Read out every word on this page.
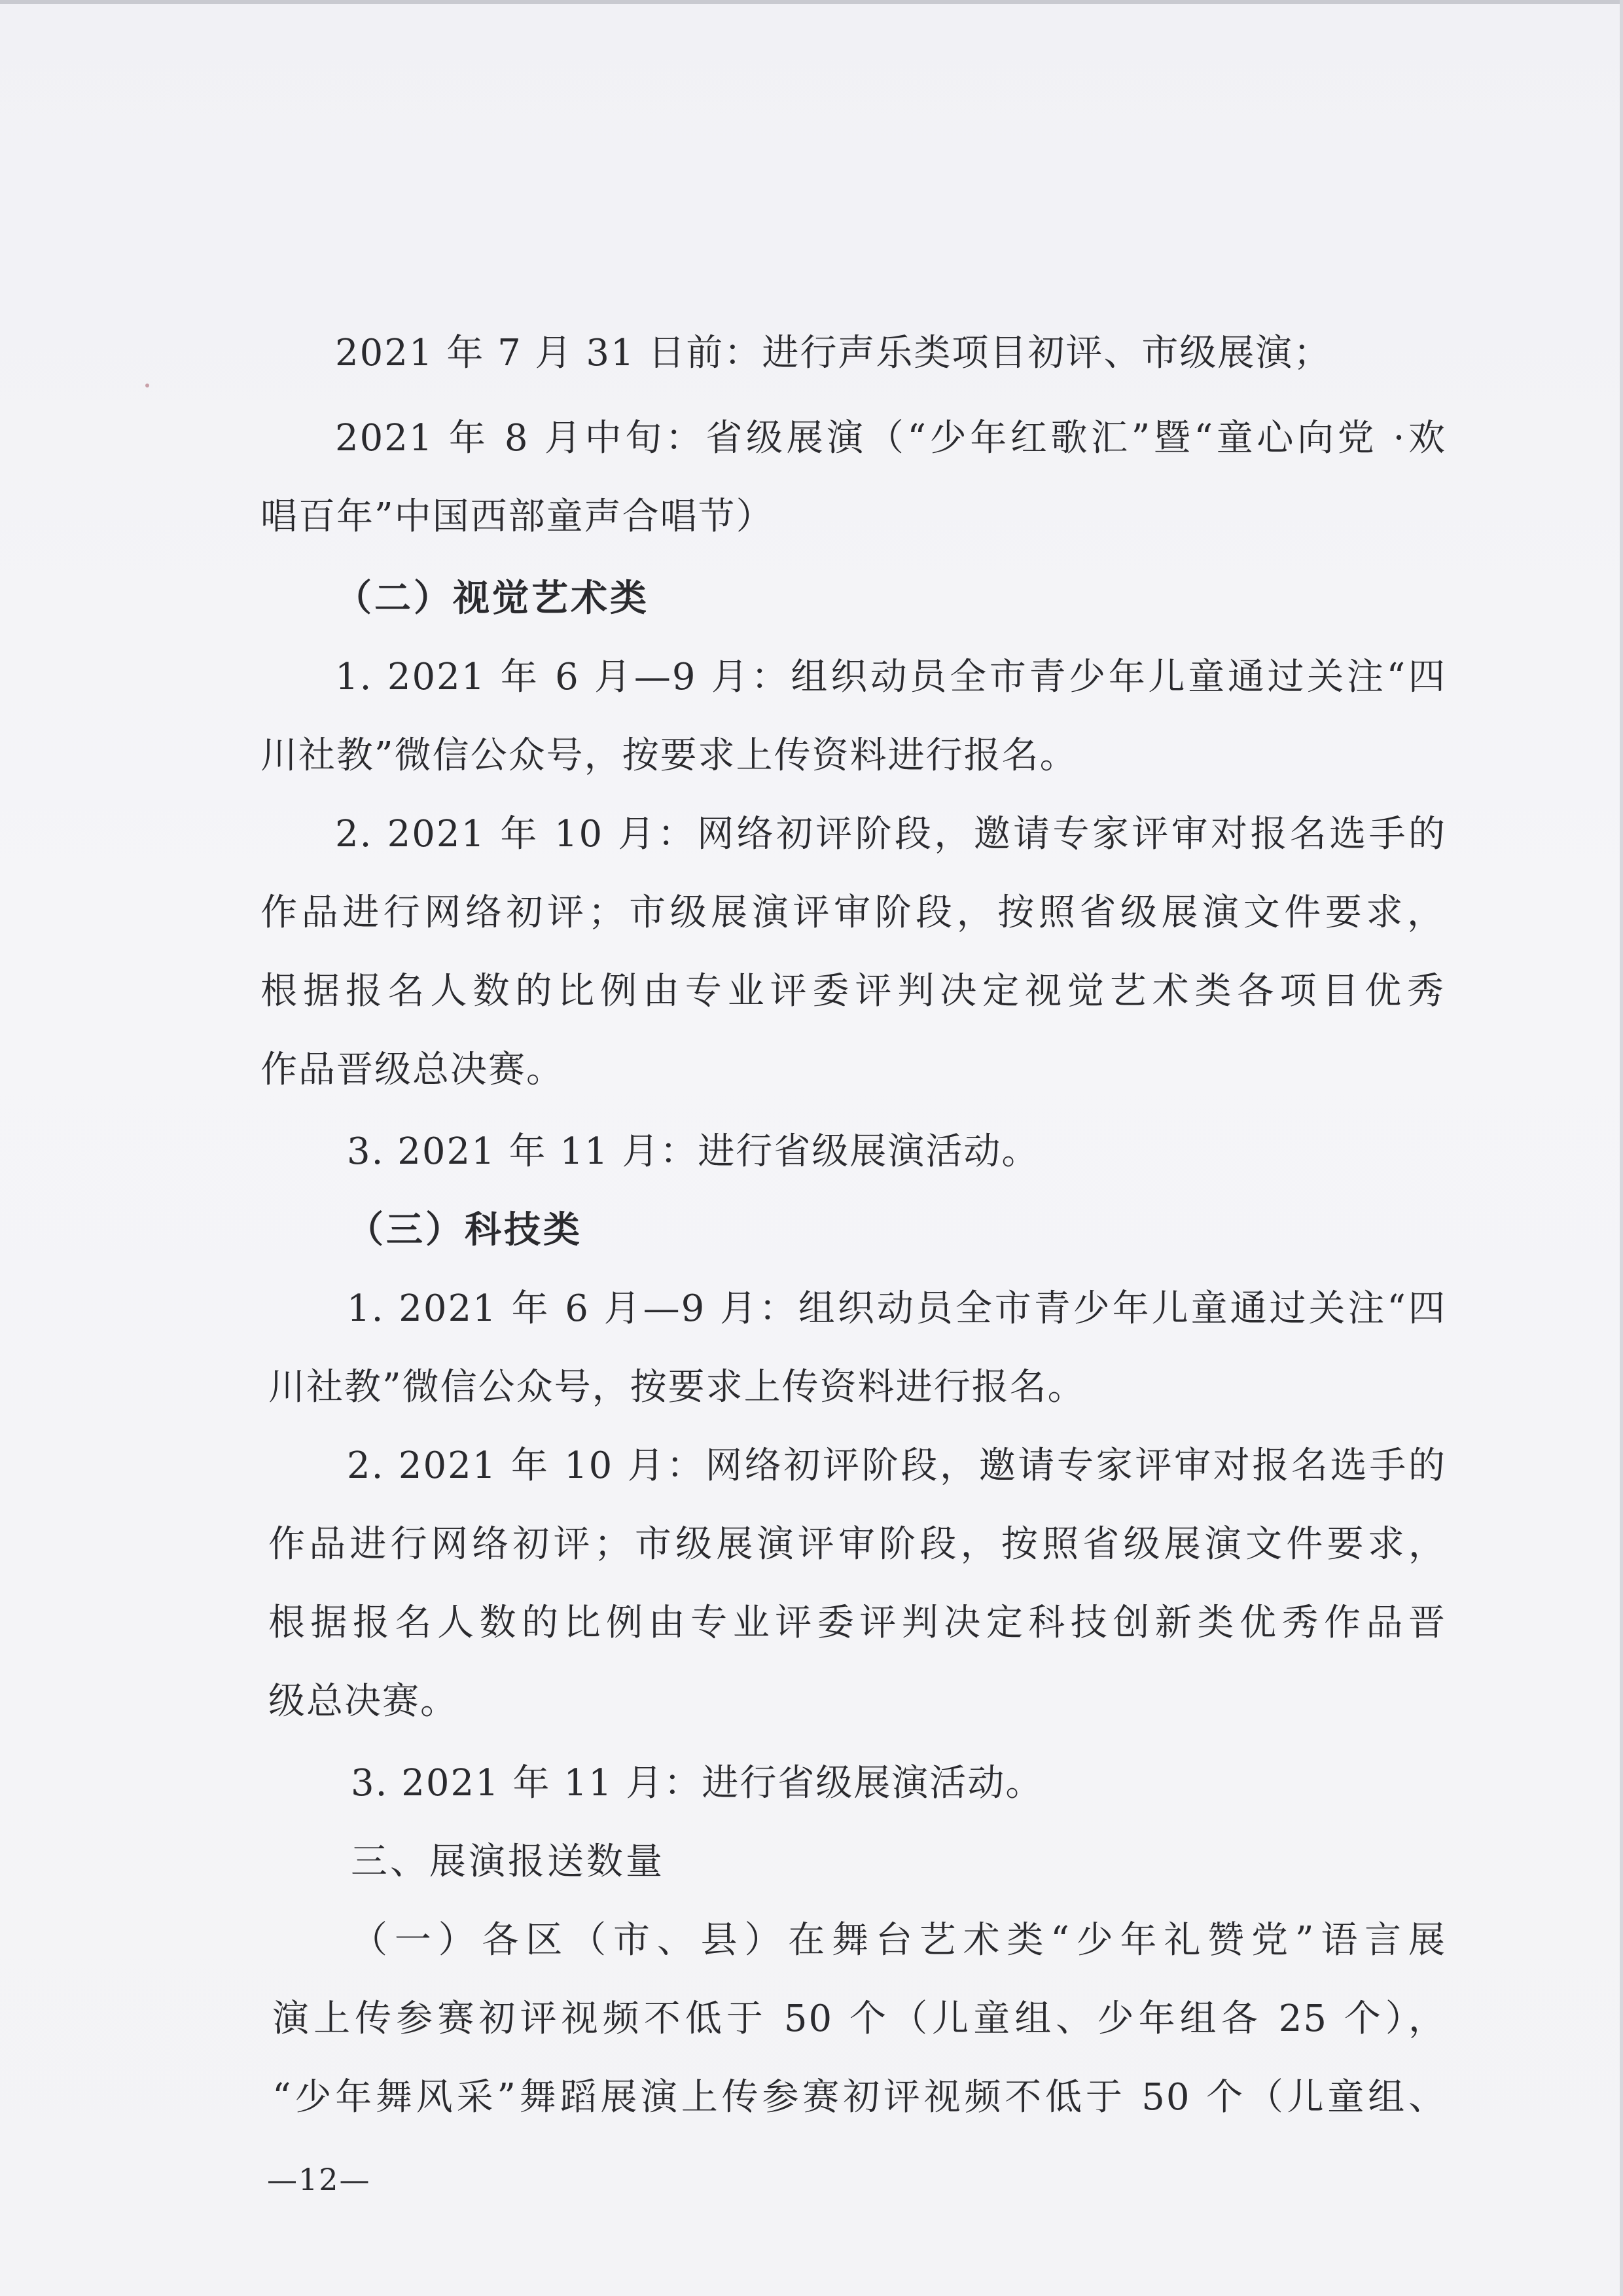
2021 年 7 月 31 日前：进行声乐类项目初评、市级展演；
2021 年 8 月中旬：省级展演（“少年红歌汇”暨“童心向党 ·欢
唱百年”中国西部童声合唱节）
（二）视觉艺术类
1. 2021 年 6 月—9 月：组织动员全市青少年儿童通过关注“四
川社教”微信公众号，按要求上传资料进行报名。
2. 2021 年 10 月：网络初评阶段，邀请专家评审对报名选手的
作品进行网络初评；市级展演评审阶段，按照省级展演文件要求，
根据报名人数的比例由专业评委评判决定视觉艺术类各项目优秀
作品晋级总决赛。
3. 2021 年 11 月：进行省级展演活动。
（三）科技类
1. 2021 年 6 月—9 月：组织动员全市青少年儿童通过关注“四
川社教”微信公众号，按要求上传资料进行报名。
2. 2021 年 10 月：网络初评阶段，邀请专家评审对报名选手的
作品进行网络初评；市级展演评审阶段，按照省级展演文件要求，
根据报名人数的比例由专业评委评判决定科技创新类优秀作品晋
级总决赛。
3. 2021 年 11 月：进行省级展演活动。
三、展演报送数量
（一）各区（市、县）在舞台艺术类“少年礼赞党”语言展
演上传参赛初评视频不低于 50 个（儿童组、少年组各 25 个），
“少年舞风采”舞蹈展演上传参赛初评视频不低于 50 个（儿童组、
—12—
